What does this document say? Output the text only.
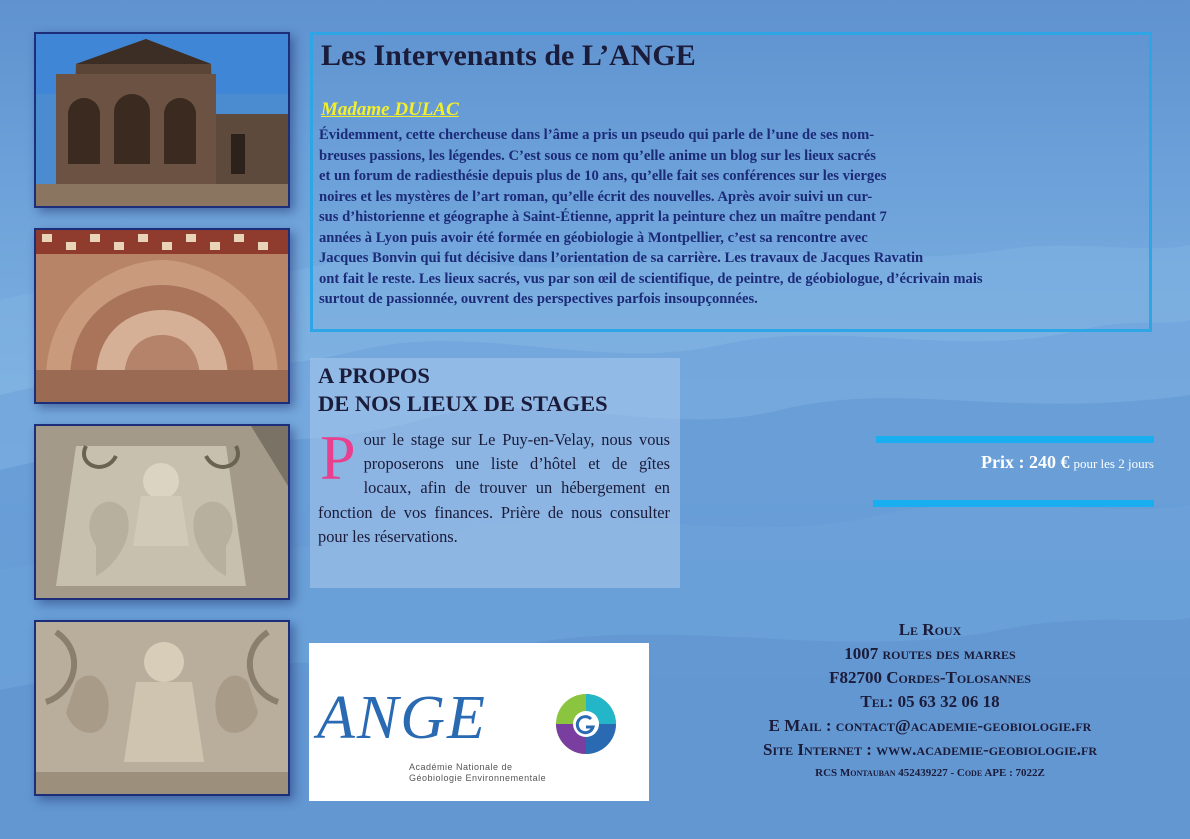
Les Intervenants de L’ANGE
Madame DULAC

Évidemment, cette chercheuse dans l’âme a pris un pseudo qui parle de l’une de ses nom-
breuses passions, les légendes. C’est sous ce nom qu’elle anime un blog sur les lieux sacrés
et un forum de radiesthésie depuis plus de 10 ans, qu’elle fait ses conférences sur les vierges
noires et les mystères de l’art roman, qu’elle écrit des nouvelles. Après avoir suivi un cur-
sus d’historienne et géographe à Saint-Étienne, apprit la peinture chez un maître pendant 7
années à Lyon puis avoir été formée en géobiologie à Montpellier, c’est sa rencontre avec
Jacques Bonvin qui fut décisive dans l’orientation de sa carrière. Les travaux de Jacques Ravatin
ont fait le reste. Les lieux sacrés, vus par son œil de scientifique, de peintre, de géobiologue, d’écrivain mais
surtout de passionnée, ouvrent des perspectives parfois insoupçonnées.

A PROPOS
DE NOS LIEUX DE STAGES

Pour le stage sur Le Puy-en-Velay, nous vous proposerons une liste d’hôtel et de gîtes locaux, afin de trouver un hébergement en fonction de vos finances. Prière de nous consulter pour les réservations.

Prix : 240 € pour les 2 jours
ANGE
Académie Nationale de
Géobiologie Environnementale
Le Roux
1007 routes des marres
F82700 Cordes-Tolosannes
Tel: 05 63 32 06 18
E Mail : contact@academie-geobiologie.fr
Site Internet : www.academie-geobiologie.fr
RCS Montauban 452439227 - Code APE : 7022Z
